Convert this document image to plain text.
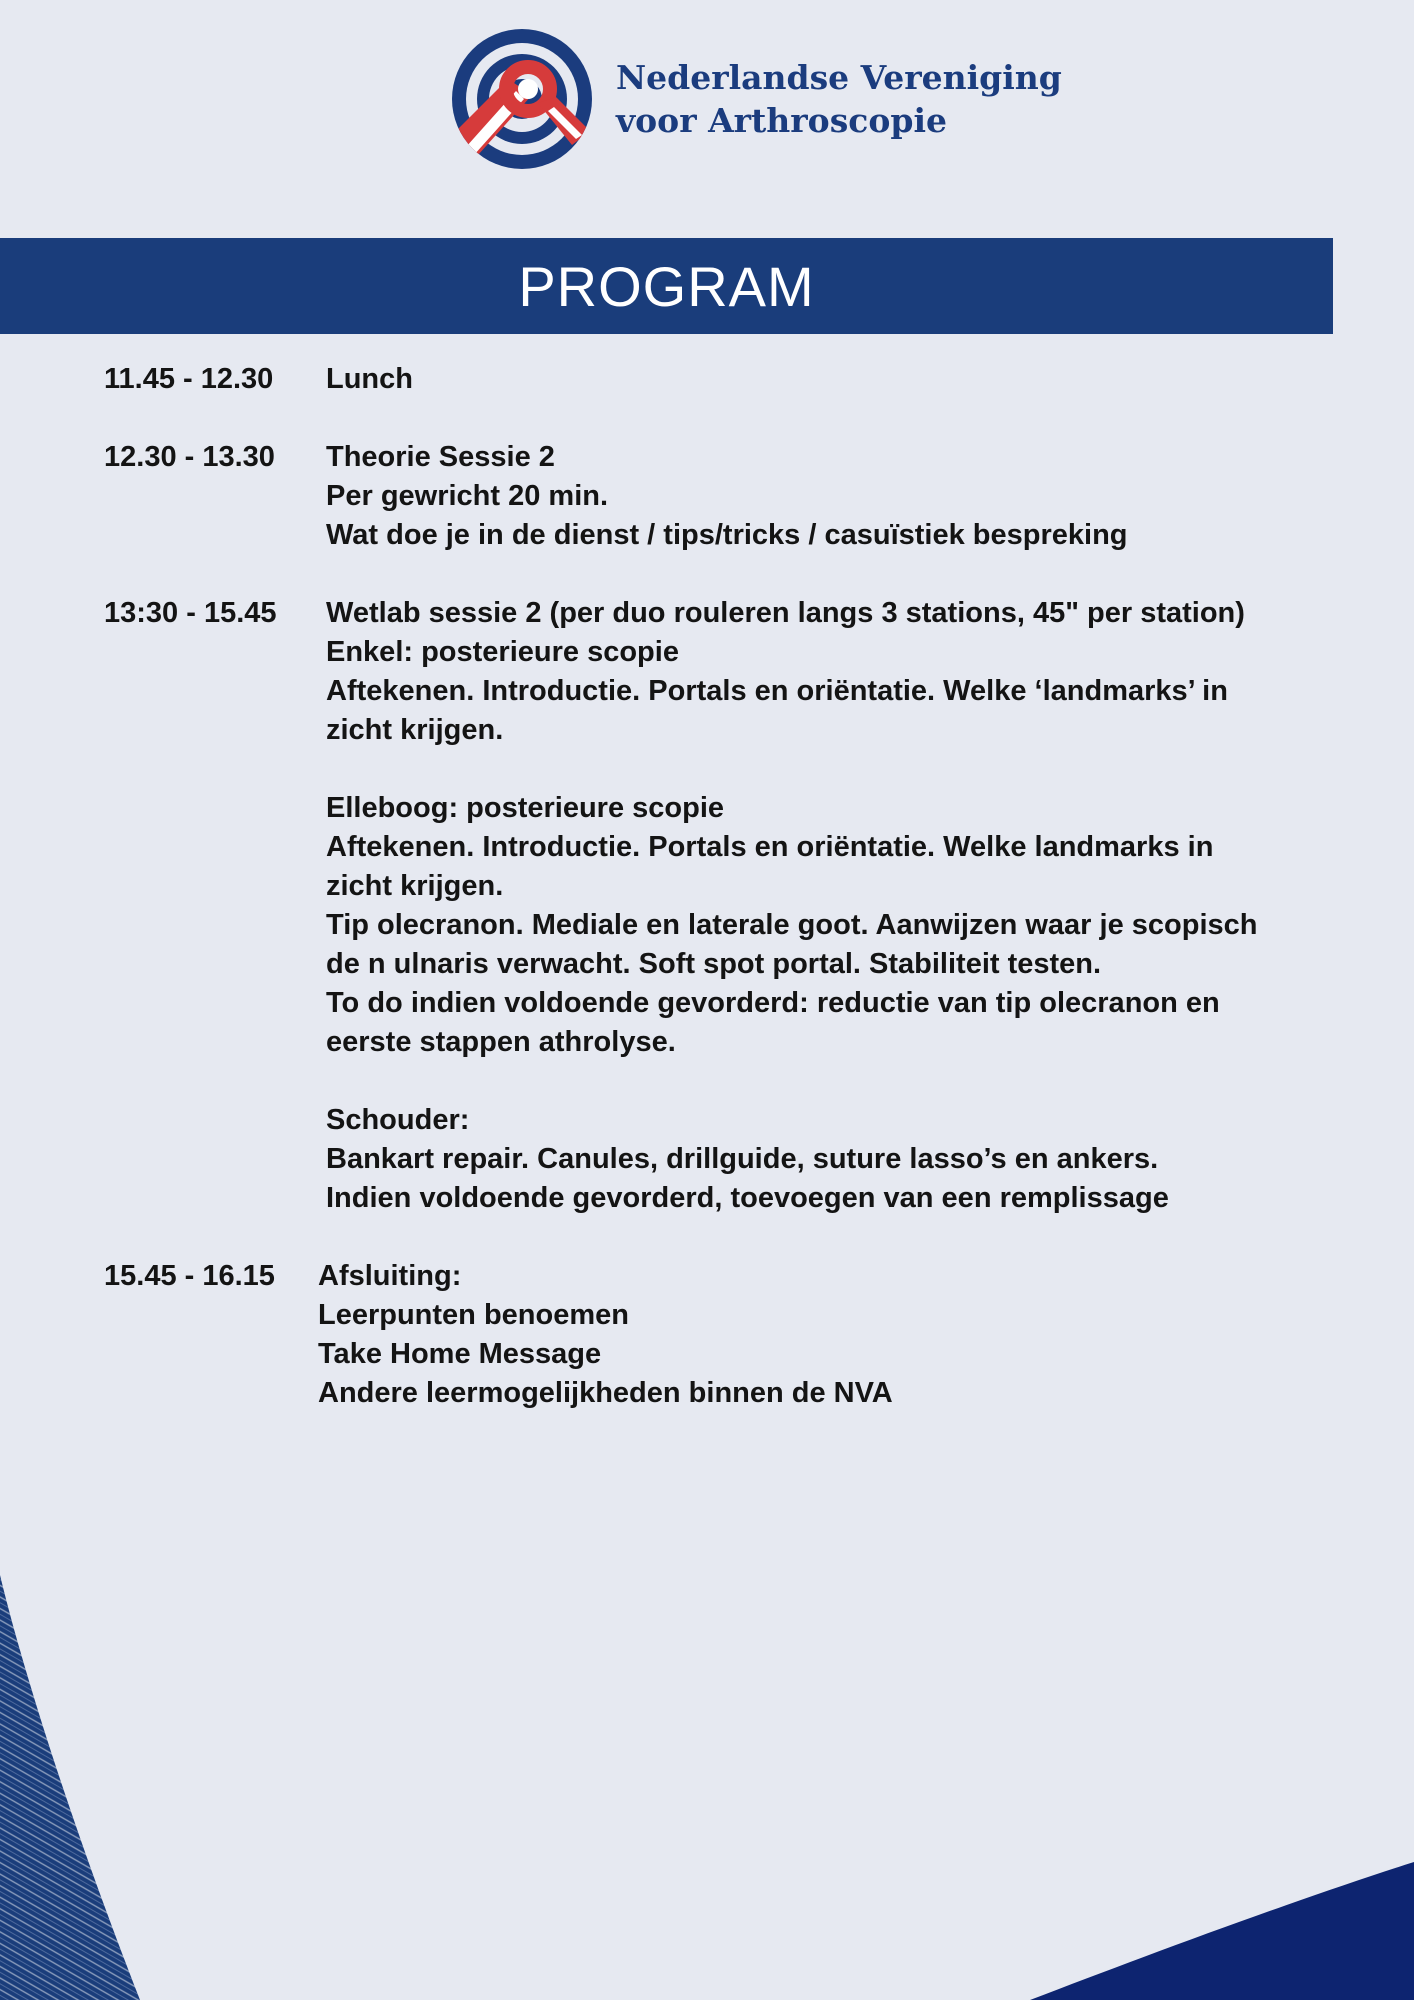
Nederlandse Vereniging
voor Arthroscopie
PROGRAM
11.45 - 12.30	Lunch
12.30 - 13.30	Theorie Sessie 2
Per gewricht 20 min.
Wat doe je in de dienst / tips/tricks / casuïstiek bespreking
13:30 - 15.45	Wetlab sessie 2 (per duo rouleren langs 3 stations, 45" per station)
Enkel: posterieure scopie
Aftekenen. Introductie. Portals en oriëntatie. Welke ‘landmarks’ in
zicht krijgen.
Elleboog: posterieure scopie
Aftekenen. Introductie. Portals en oriëntatie. Welke landmarks in
zicht krijgen.
Tip olecranon. Mediale en laterale goot. Aanwijzen waar je scopisch
de n ulnaris verwacht. Soft spot portal. Stabiliteit testen.
To do indien voldoende gevorderd: reductie van tip olecranon en
eerste stappen athrolyse.
Schouder:
Bankart repair. Canules, drillguide, suture lasso’s en ankers.
Indien voldoende gevorderd, toevoegen van een remplissage
15.45 - 16.15	Afsluiting:
Leerpunten benoemen
Take Home Message
Andere leermogelijkheden binnen de NVA
